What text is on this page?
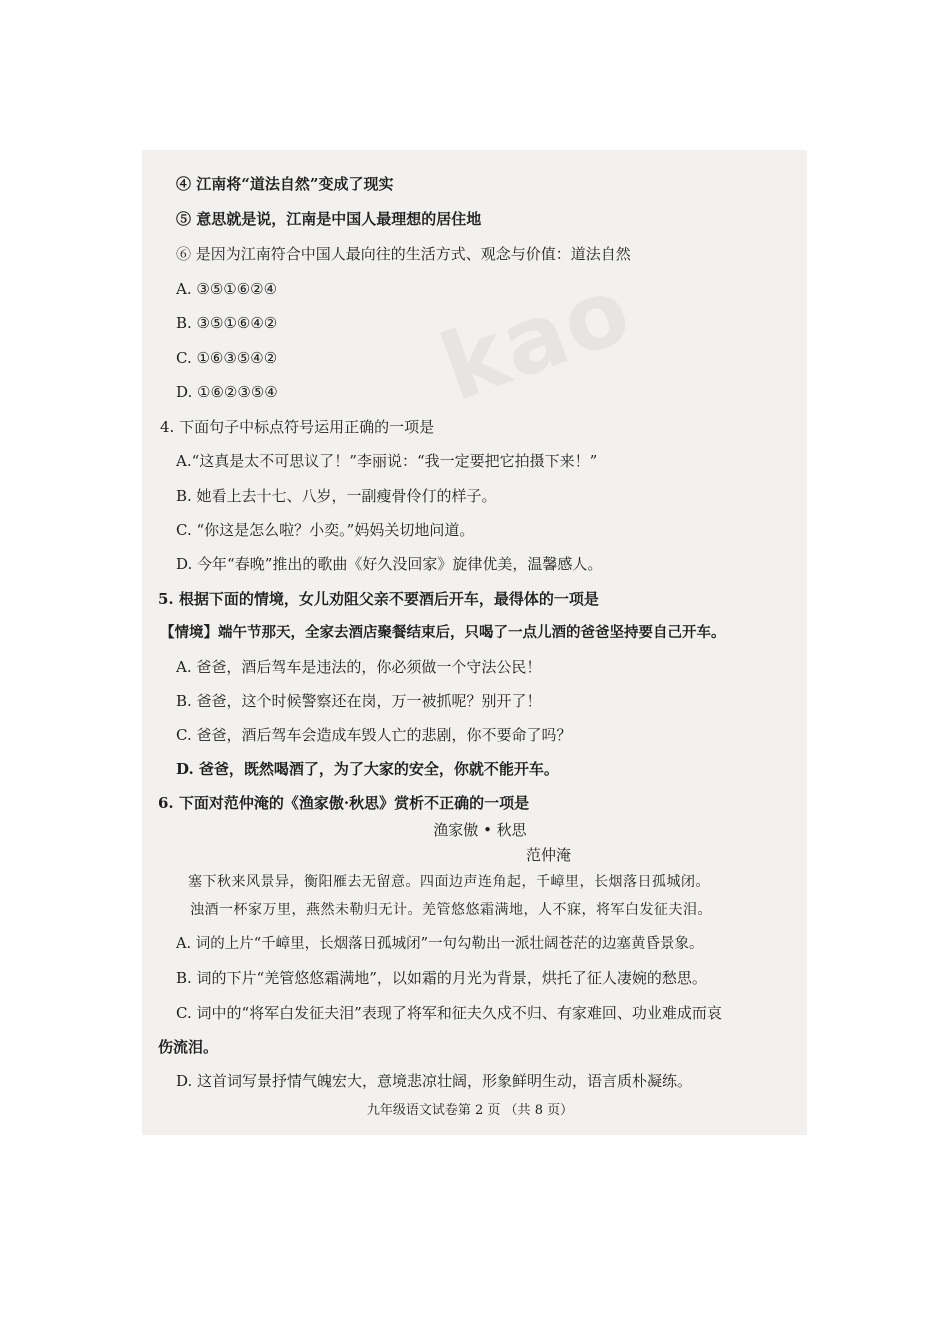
kao
④ 江南将“道法自然”变成了现实
⑤ 意思就是说，江南是中国人最理想的居住地
⑥ 是因为江南符合中国人最向往的生活方式、观念与价值：道法自然
A. ③⑤①⑥②④
B. ③⑤①⑥④②
C. ①⑥③⑤④②
D. ①⑥②③⑤④
4. 下面句子中标点符号运用正确的一项是
A.“这真是太不可思议了！”李丽说：“我一定要把它拍摄下来！”
B. 她看上去十七、八岁，一副瘦骨伶仃的样子。
C. “你这是怎么啦？小奕。”妈妈关切地问道。
D. 今年“春晚”推出的歌曲《好久没回家》旋律优美，温馨感人。
5. 根据下面的情境，女儿劝阻父亲不要酒后开车，最得体的一项是
【情境】端午节那天，全家去酒店聚餐结束后，只喝了一点儿酒的爸爸坚持要自己开车。
A. 爸爸，酒后驾车是违法的，你必须做一个守法公民！
B. 爸爸，这个时候警察还在岗，万一被抓呢？别开了！
C. 爸爸，酒后驾车会造成车毁人亡的悲剧，你不要命了吗？
D. 爸爸，既然喝酒了，为了大家的安全，你就不能开车。
6. 下面对范仲淹的《渔家傲·秋思》赏析不正确的一项是
渔家傲 • 秋思
范仲淹
塞下秋来风景异，衡阳雁去无留意。四面边声连角起，千嶂里，长烟落日孤城闭。
浊酒一杯家万里，燕然未勒归无计。羌管悠悠霜满地，人不寐，将军白发征夫泪。
A. 词的上片“千嶂里，长烟落日孤城闭”一句勾勒出一派壮阔苍茫的边塞黄昏景象。
B. 词的下片“羌管悠悠霜满地”，以如霜的月光为背景，烘托了征人凄婉的愁思。
C. 词中的“将军白发征夫泪”表现了将军和征夫久戍不归、有家难回、功业难成而哀
伤流泪。
D. 这首词写景抒情气魄宏大，意境悲凉壮阔，形象鲜明生动，语言质朴凝练。
九年级语文试卷第 2 页 （共 8 页）
